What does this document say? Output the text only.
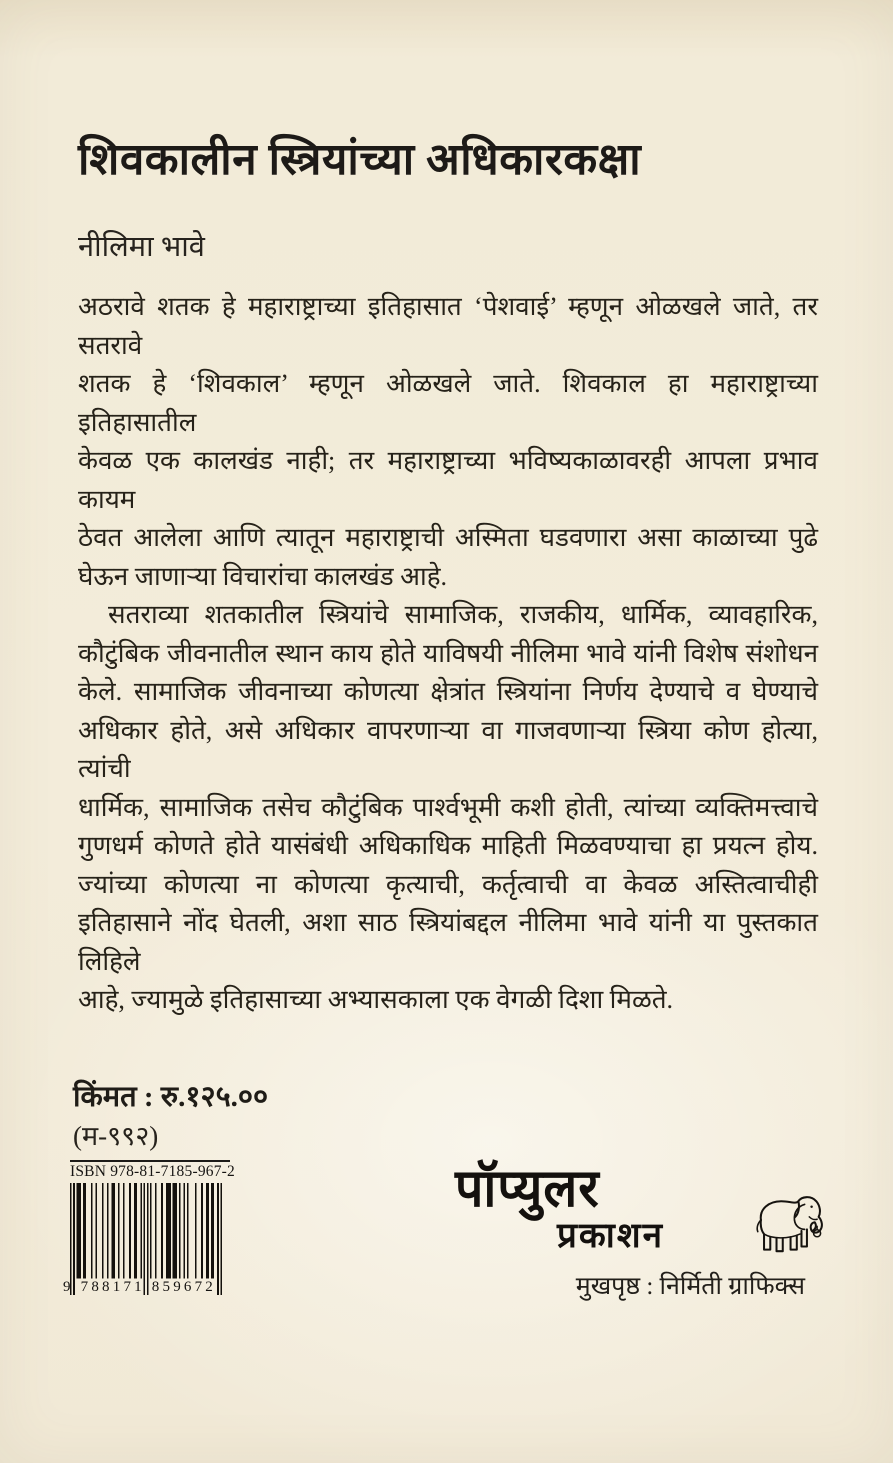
शिवकालीन स्त्रियांच्या अधिकारकक्षा
नीलिमा भावे
अठरावे शतक हे महाराष्ट्राच्या इतिहासात ‘पेशवाई’ म्हणून ओळखले जाते, तर सतरावे
शतक हे ‘शिवकाल’ म्हणून ओळखले जाते. शिवकाल हा महाराष्ट्राच्या इतिहासातील
केवळ एक कालखंड नाही; तर महाराष्ट्राच्या भविष्यकाळावरही आपला प्रभाव कायम
ठेवत आलेला आणि त्यातून महाराष्ट्राची अस्मिता घडवणारा असा काळाच्या पुढे
घेऊन जाणाऱ्या विचारांचा कालखंड आहे.
सतराव्या शतकातील स्त्रियांचे सामाजिक, राजकीय, धार्मिक, व्यावहारिक,
कौटुंबिक जीवनातील स्थान काय होते याविषयी नीलिमा भावे यांनी विशेष संशोधन
केले. सामाजिक जीवनाच्या कोणत्या क्षेत्रांत स्त्रियांना निर्णय देण्याचे व घेण्याचे
अधिकार होते, असे अधिकार वापरणाऱ्या वा गाजवणाऱ्या स्त्रिया कोण होत्या, त्यांची
धार्मिक, सामाजिक तसेच कौटुंबिक पार्श्वभूमी कशी होती, त्यांच्या व्यक्तिमत्त्वाचे
गुणधर्म कोणते होते यासंबंधी अधिकाधिक माहिती मिळवण्याचा हा प्रयत्न होय.
ज्यांच्या कोणत्या ना कोणत्या कृत्याची, कर्तृत्वाची वा केवळ अस्तित्वाचीही
इतिहासाने नोंद घेतली, अशा साठ स्त्रियांबद्दल नीलिमा भावे यांनी या पुस्तकात लिहिले
आहे, ज्यामुळे इतिहासाच्या अभ्यासकाला एक वेगळी दिशा मिळते.
किंमत : रु.१२५.००
(म-९९२)
ISBN 978-81-7185-967-2
9 788171 859672
पॉप्युलर
प्रकाशन
मुखपृष्ठ : निर्मिती ग्राफिक्स
